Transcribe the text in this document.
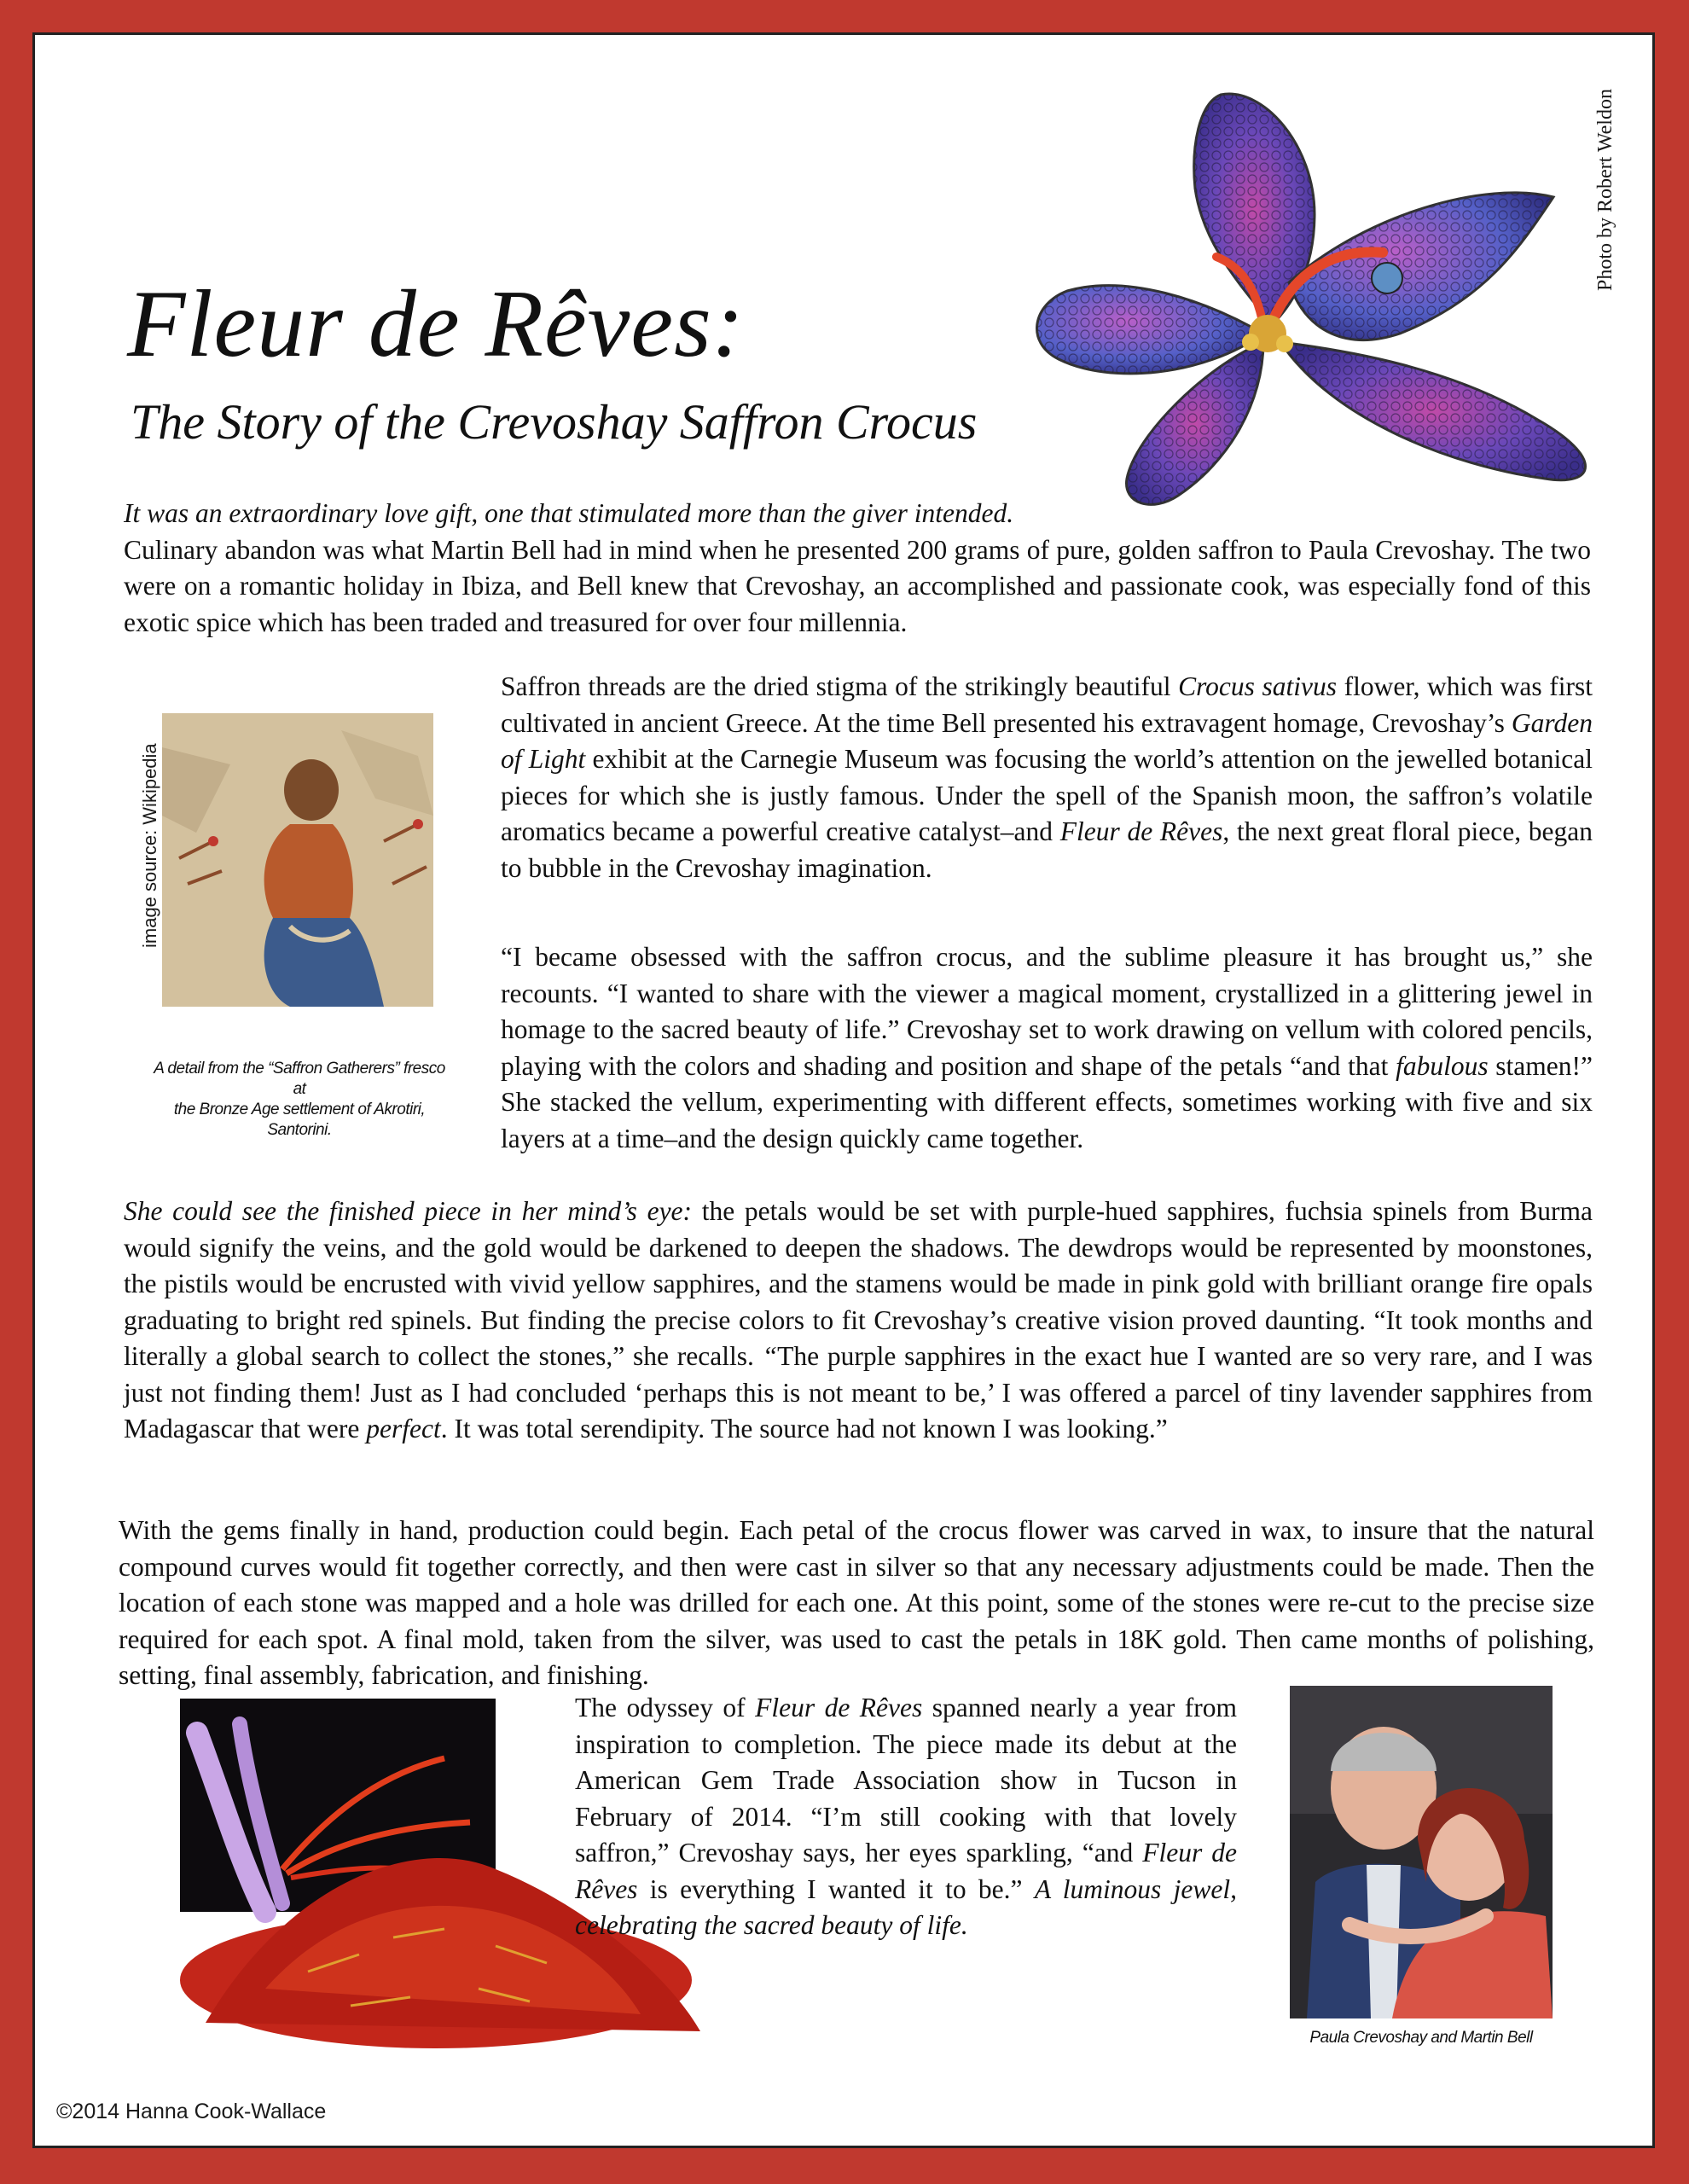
Fleur de Rêves:
The Story of the Crevoshay Saffron Crocus
Photo by Robert Weldon
It was an extraordinary love gift, one that stimulated more than the giver intended.
Culinary abandon was what Martin Bell had in mind when he presented 200 grams of pure, golden saffron to Paula Crevoshay. The two were on a romantic holiday in Ibiza, and Bell knew that Crevoshay, an accomplished and passionate cook, was especially fond of this exotic spice which has been traded and treasured for over four millennia.
image source: Wikipedia
A detail from the “Saffron Gatherers” fresco at
the Bronze Age settlement of Akrotiri, Santorini.
Saffron threads are the dried stigma of the strikingly beautiful Crocus sativus flower, which was first cultivated in ancient Greece. At the time Bell presented his extravagent homage, Crevoshay’s Garden of Light exhibit at the Carnegie Museum was focusing the world’s attention on the jewelled botanical pieces for which she is justly famous. Under the spell of the Spanish moon, the saffron’s volatile aromatics became a powerful creative catalyst–and Fleur de Rêves, the next great floral piece, began to bubble in the Crevoshay imagination.
“I became obsessed with the saffron crocus, and the sublime pleasure it has brought us,” she recounts. “I wanted to share with the viewer a magical moment, crystallized in a glittering jewel in homage to the sacred beauty of life.” Crevoshay set to work drawing on vellum with colored pencils, playing with the colors and shading and position and shape of the petals “and that fabulous stamen!” She stacked the vellum, experimenting with different effects, sometimes working with five and six layers at a time–and the design quickly came together.
She could see the finished piece in her mind’s eye: the petals would be set with purple-hued sapphires, fuchsia spinels from Burma would signify the veins, and the gold would be darkened to deepen the shadows. The dewdrops would be represented by moonstones, the pistils would be encrusted with vivid yellow sapphires, and the stamens would be made in pink gold with brilliant orange fire opals graduating to bright red spinels. But finding the precise colors to fit Crevoshay’s creative vision proved daunting. “It took months and literally a global search to collect the stones,” she recalls. “The purple sapphires in the exact hue I wanted are so very rare, and I was just not finding them! Just as I had concluded ‘perhaps this is not meant to be,’ I was offered a parcel of tiny lavender sapphires from Madagascar that were perfect. It was total serendipity. The source had not known I was looking.”
With the gems finally in hand, production could begin. Each petal of the crocus flower was carved in wax, to insure that the natural compound curves would fit together correctly, and then were cast in silver so that any necessary adjustments could be made. Then the location of each stone was mapped and a hole was drilled for each one. At this point, some of the stones were re-cut to the precise size required for each spot. A final mold, taken from the silver, was used to cast the petals in 18K gold. Then came months of polishing, setting, final assembly, fabrication, and finishing.
The odyssey of Fleur de Rêves spanned nearly a year from inspiration to completion. The piece made its debut at the American Gem Trade Association show in Tucson in February of 2014. “I’m still cooking with that lovely saffron,” Crevoshay says, her eyes sparkling, “and Fleur de Rêves is everything I wanted it to be.” A luminous jewel, celebrating the sacred beauty of life.
Paula Crevoshay and Martin Bell
©2014 Hanna Cook-Wallace
